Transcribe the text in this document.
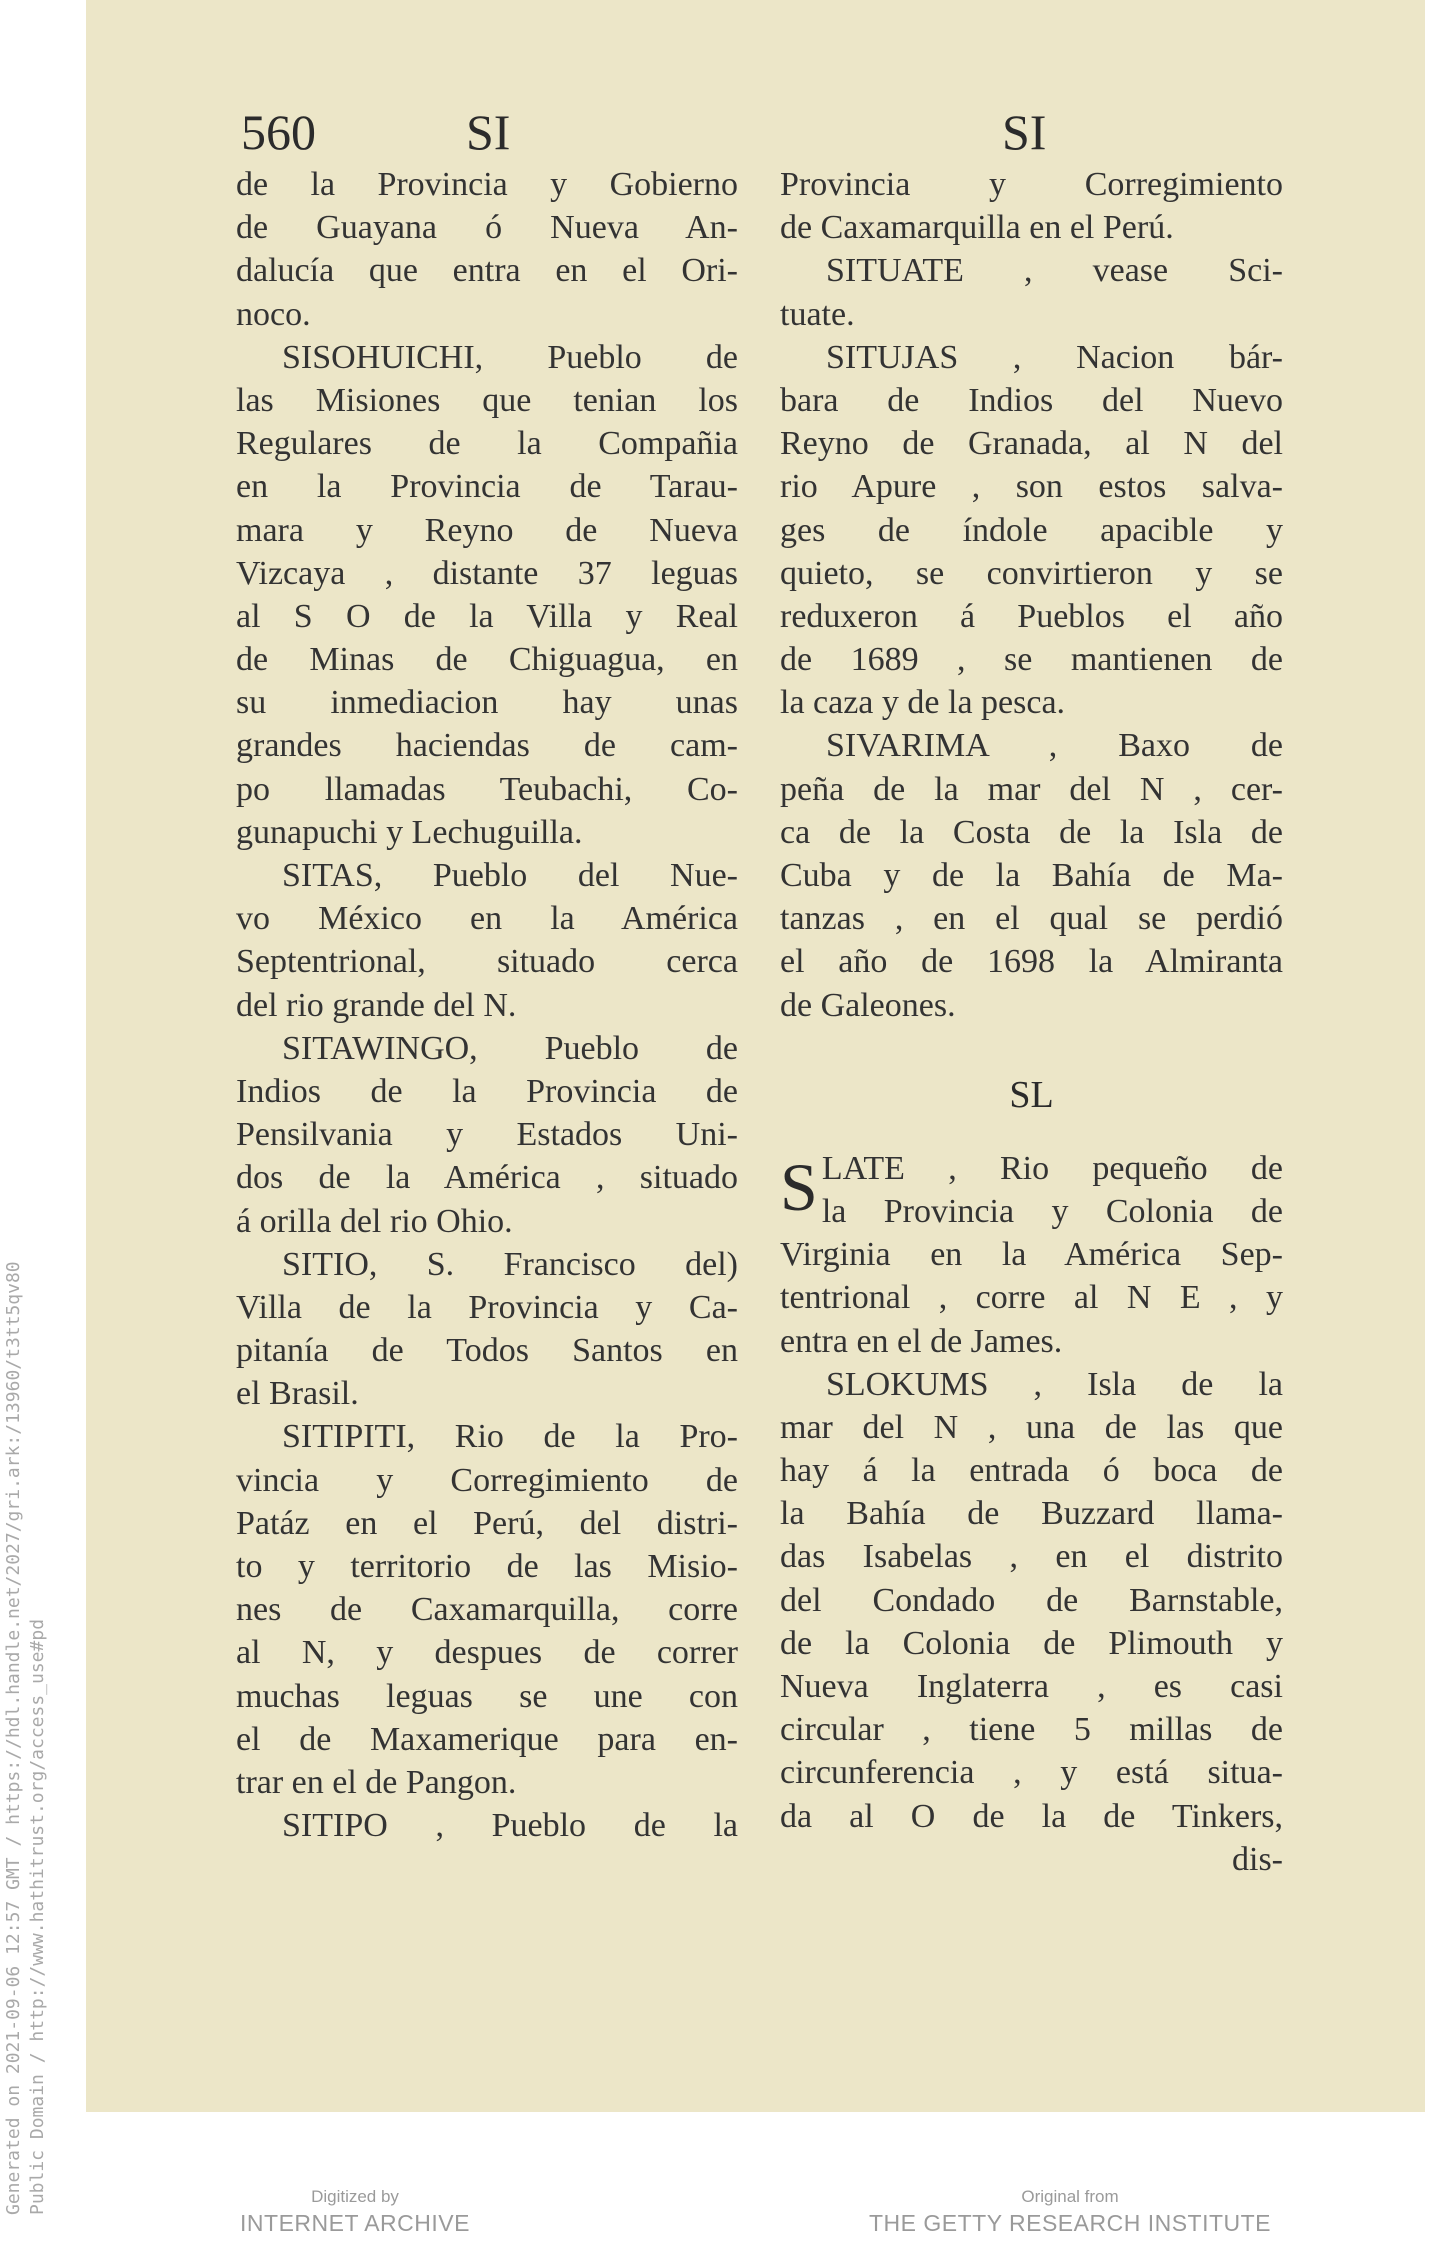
Generated on 2021-09-06 12:57 GMT / https://hdl.handle.net/2027/gri.ark:/13960/t3tt5qv80 Public Domain / http://www.hathitrust.org/access_use#pd
560	SI	SI
de la Provincia y Gobierno
de Guayana ó Nueva An-
dalucía que entra en el Ori-
noco.
SISOHUICHI, Pueblo de
las Misiones que tenian los
Regulares de la Compañia
en la Provincia de Tarau-
mara y Reyno de Nueva
Vizcaya , distante 37 leguas
al S O de la Villa y Real
de Minas de Chiguagua, en
su inmediacion hay unas
grandes haciendas de cam-
po llamadas Teubachi, Co-
gunapuchi y Lechuguilla.
SITAS, Pueblo del Nue-
vo México en la América
Septentrional, situado cerca
del rio grande del N.
SITAWINGO, Pueblo de
Indios de la Provincia de
Pensilvania y Estados Uni-
dos de la América , situado
á orilla del rio Ohio.
SITIO, S. Francisco del)
Villa de la Provincia y Ca-
pitanía de Todos Santos en
el Brasil.
SITIPITI, Rio de la Pro-
vincia y Corregimiento de
Patáz en el Perú, del distri-
to y territorio de las Misio-
nes de Caxamarquilla, corre
al N, y despues de correr
muchas leguas se une con
el de Maxamerique para en-
trar en el de Pangon.
SITIPO , Pueblo de la
Provincia y Corregimiento
de Caxamarquilla en el Perú.
SITUATE , vease Sci-
tuate.
SITUJAS , Nacion bár-
bara de Indios del Nuevo
Reyno de Granada, al N del
rio Apure , son estos salva-
ges de índole apacible y
quieto, se convirtieron y se
reduxeron á Pueblos el año
de 1689 , se mantienen de
la caza y de la pesca.
SIVARIMA , Baxo de
peña de la mar del N , cer-
ca de la Costa de la Isla de
Cuba y de la Bahía de Ma-
tanzas , en el qual se perdió
el año de 1698 la Almiranta
de Galeones.
SL
S LATE , Rio pequeño de
la Provincia y Colonia de
Virginia en la América Sep-
tentrional , corre al N E , y
entra en el de James.
SLOKUMS , Isla de la
mar del N , una de las que
hay á la entrada ó boca de
la Bahía de Buzzard llama-
das Isabelas , en el distrito
del Condado de Barnstable,
de la Colonia de Plimouth y
Nueva Inglaterra , es casi
circular , tiene 5 millas de
circunferencia , y está situa-
da al O de la de Tinkers,
dis-
Digitized by
INTERNET ARCHIVE
Original from
THE GETTY RESEARCH INSTITUTE
